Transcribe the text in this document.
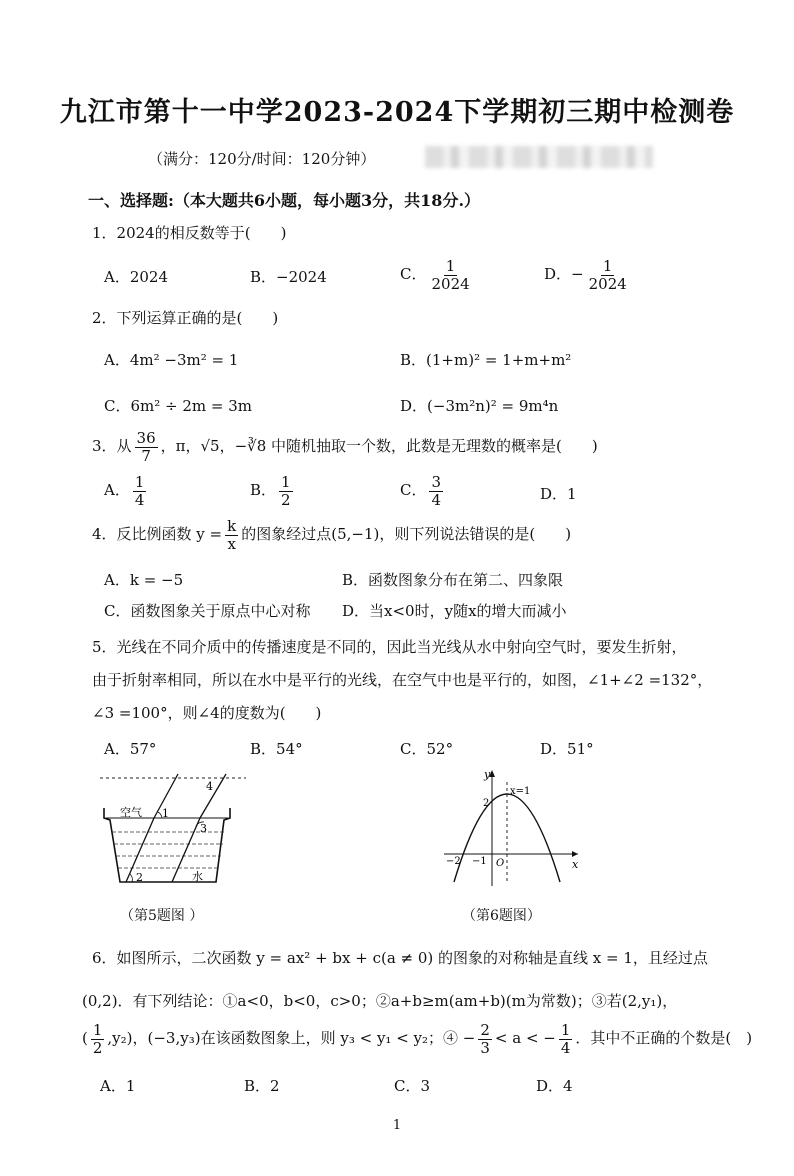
九江市第十一中学2023-2024下学期初三期中检测卷
（满分：120分/时间：120分钟）
一、选择题:（本大题共6小题，每小题3分，共18分.）
1．2024的相反数等于(　　)
A．2024	B．−2024	C． $\frac{1}{2024}$	D．− $\frac{1}{2024}$
2．下列运算正确的是(　　)
A．4m² −3m² = 1	B．(1+m)² = 1+m+m²
C．6m² ÷ 2m = 3m	D．(−3m²n)² = 9m⁴n
3．从 $\frac{36}{7}$ ，π，√5，−∛8 中随机抽取一个数，此数是无理数的概率是(　　)
A． $\frac{1}{4}$	B． $\frac{1}{2}$	C． $\frac{3}{4}$	D．1
4．反比例函数 $y = \frac{k}{x}$ 的图象经过点(5,−1)，则下列说法错误的是(　　)
A．k = −5	B．函数图象分布在第二、四象限
C．函数图象关于原点中心对称 D．当x<0时，y随x的增大而减小
5．光线在不同介质中的传播速度是不同的，因此当光线从水中射向空气时，要发生折射，
由于折射率相同，所以在水中是平行的光线，在空气中也是平行的，如图，∠1+∠2 =132°，
∠3 =100°，则∠4的度数为(　　)
A．57°	B．54°	C．52°	D．51°
空气 1
2
3
4
水
（第5题图 ）
y
x
O
2
−1
−2
x=1
（第6题图）
6．如图所示，二次函数 y = ax² + bx + c(a ≠ 0) 的图象的对称轴是直线 x = 1，且经过点
(0,2)．有下列结论：①a<0，b<0，c>0；②a+b≥m(am+b)(m为常数)；③若(2,y₁)，
( $\frac{1}{2} ,y_2$)，(−3,y₃)在该函数图象上，则 y₃ < y₁ < y₂；④ − $\frac{2}{3} < a$ < − $\frac{1}{4}$ ．其中不正确的个数是(　)
A．1	B．2	C．3	D．4
1
